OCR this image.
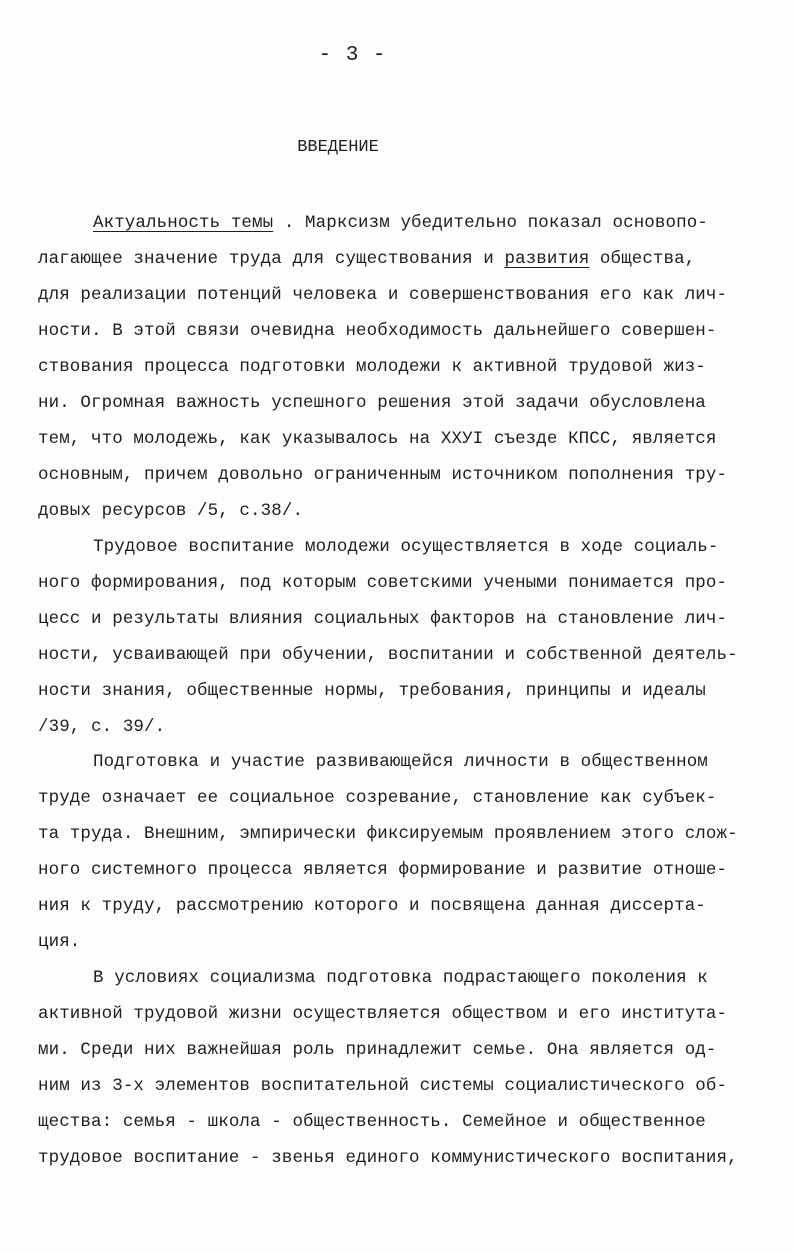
- 3 -
ВВЕДЕНИЕ
Актуальность темы . Марксизм убедительно показал основопо-
лагающее значение труда для существования и развития общества,
для реализации потенций человека и совершенствования его как лич-
ности. В этой связи очевидна необходимость дальнейшего совершен-
ствования процесса подготовки молодежи к активной трудовой жиз-
ни. Огромная важность успешного решения этой задачи обусловлена
тем, что молодежь, как указывалось на ХХУI съезде КПСС, является
основным, причем довольно ограниченным источником пополнения тру-
довых ресурсов /5, с.38/.
Трудовое воспитание молодежи осуществляется в ходе социаль-
ного формирования, под которым советскими учеными понимается про-
цесс и результаты влияния социальных факторов на становление лич-
ности, усваивающей при обучении, воспитании и собственной деятель-
ности знания, общественные нормы, требования, принципы и идеалы
/39, с. 39/.
Подготовка и участие развивающейся личности в общественном
труде означает ее социальное созревание, становление как субъек-
та труда. Внешним, эмпирически фиксируемым проявлением этого слож-
ного системного процесса является формирование и развитие отноше-
ния к труду, рассмотрению которого и посвящена данная диссерта-
ция.
В условиях социализма подготовка подрастающего поколения к
активной трудовой жизни осуществляется обществом и его института-
ми. Среди них важнейшая роль принадлежит семье. Она является од-
ним из 3-х элементов воспитательной системы социалистического об-
щества: семья - школа - общественность. Семейное и общественное
трудовое воспитание - звенья единого коммунистического воспитания,
